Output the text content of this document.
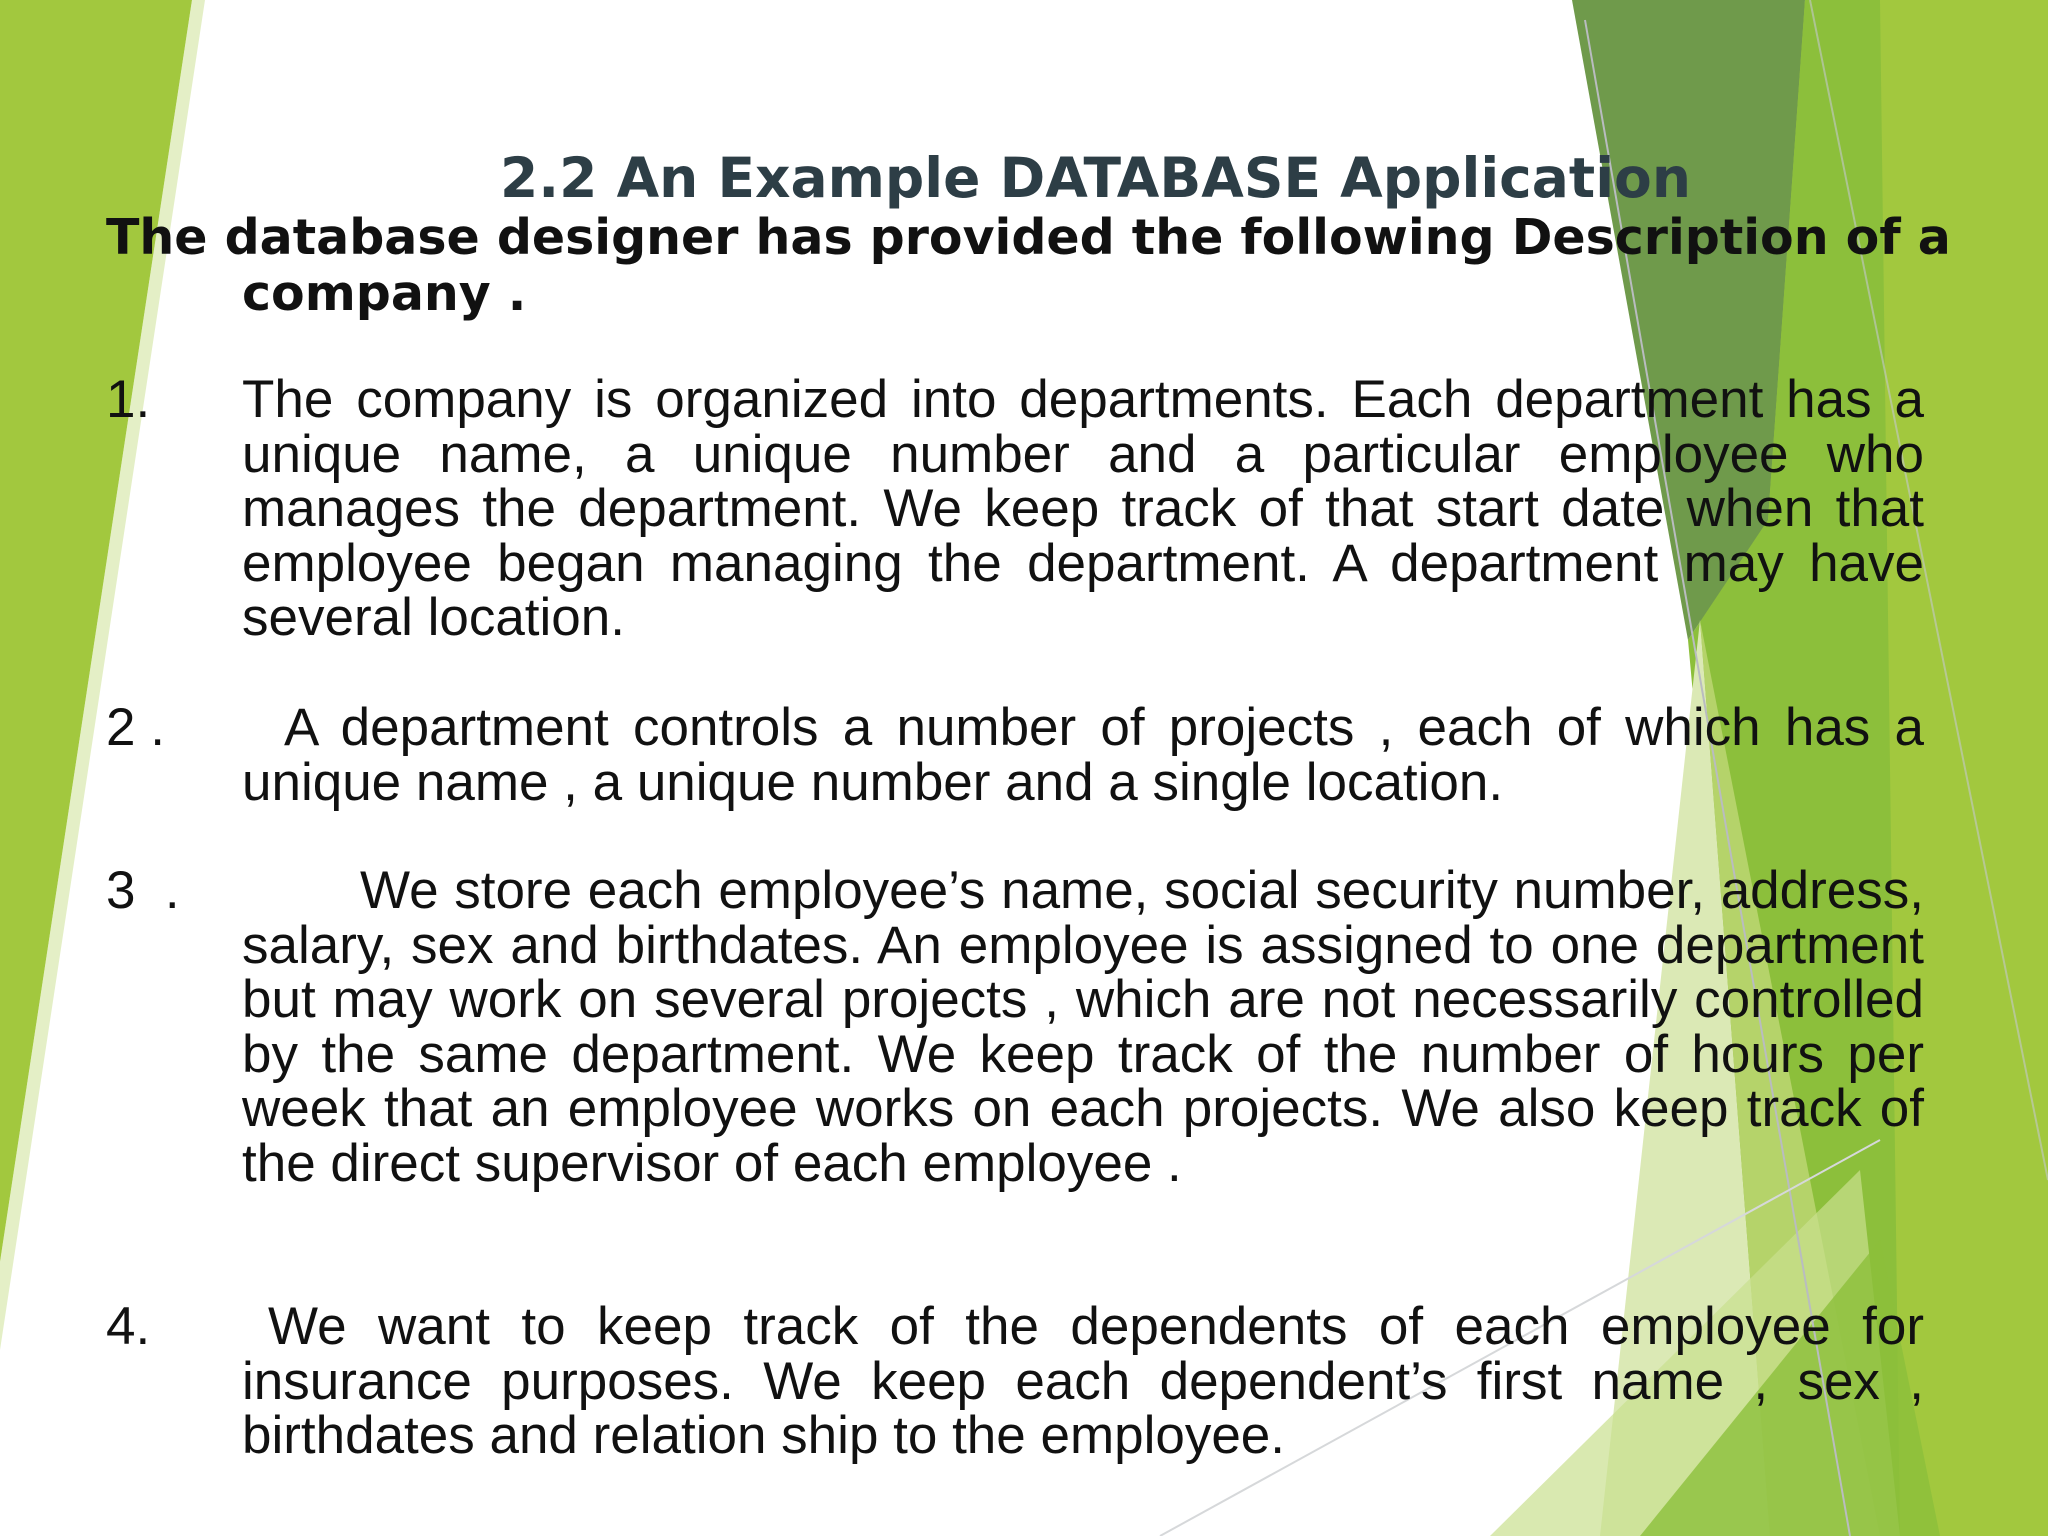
2.2 An Example DATABASE Application
The database designer has provided the following Description of a
company .
1. The company is organized into departments. Each department has a unique name, a unique number and a particular employee who manages the department. We keep track of that start date when that employee began managing the department. A department may have several location.
2 .	A department controls a number of projects , each of which has a unique name , a unique number and a single location.
3  .	We store each employee’s name, social security number, address, salary, sex and birthdates. An employee is assigned to one department but may work on several projects , which are not necessarily controlled by the same department. We keep track of the number of hours per week that an employee works on each projects. We also keep track of the direct supervisor of each employee .
4.	We want to keep track of the dependents of each employee for insurance purposes. We keep each dependent’s first name , sex , birthdates and relation ship to the employee.
